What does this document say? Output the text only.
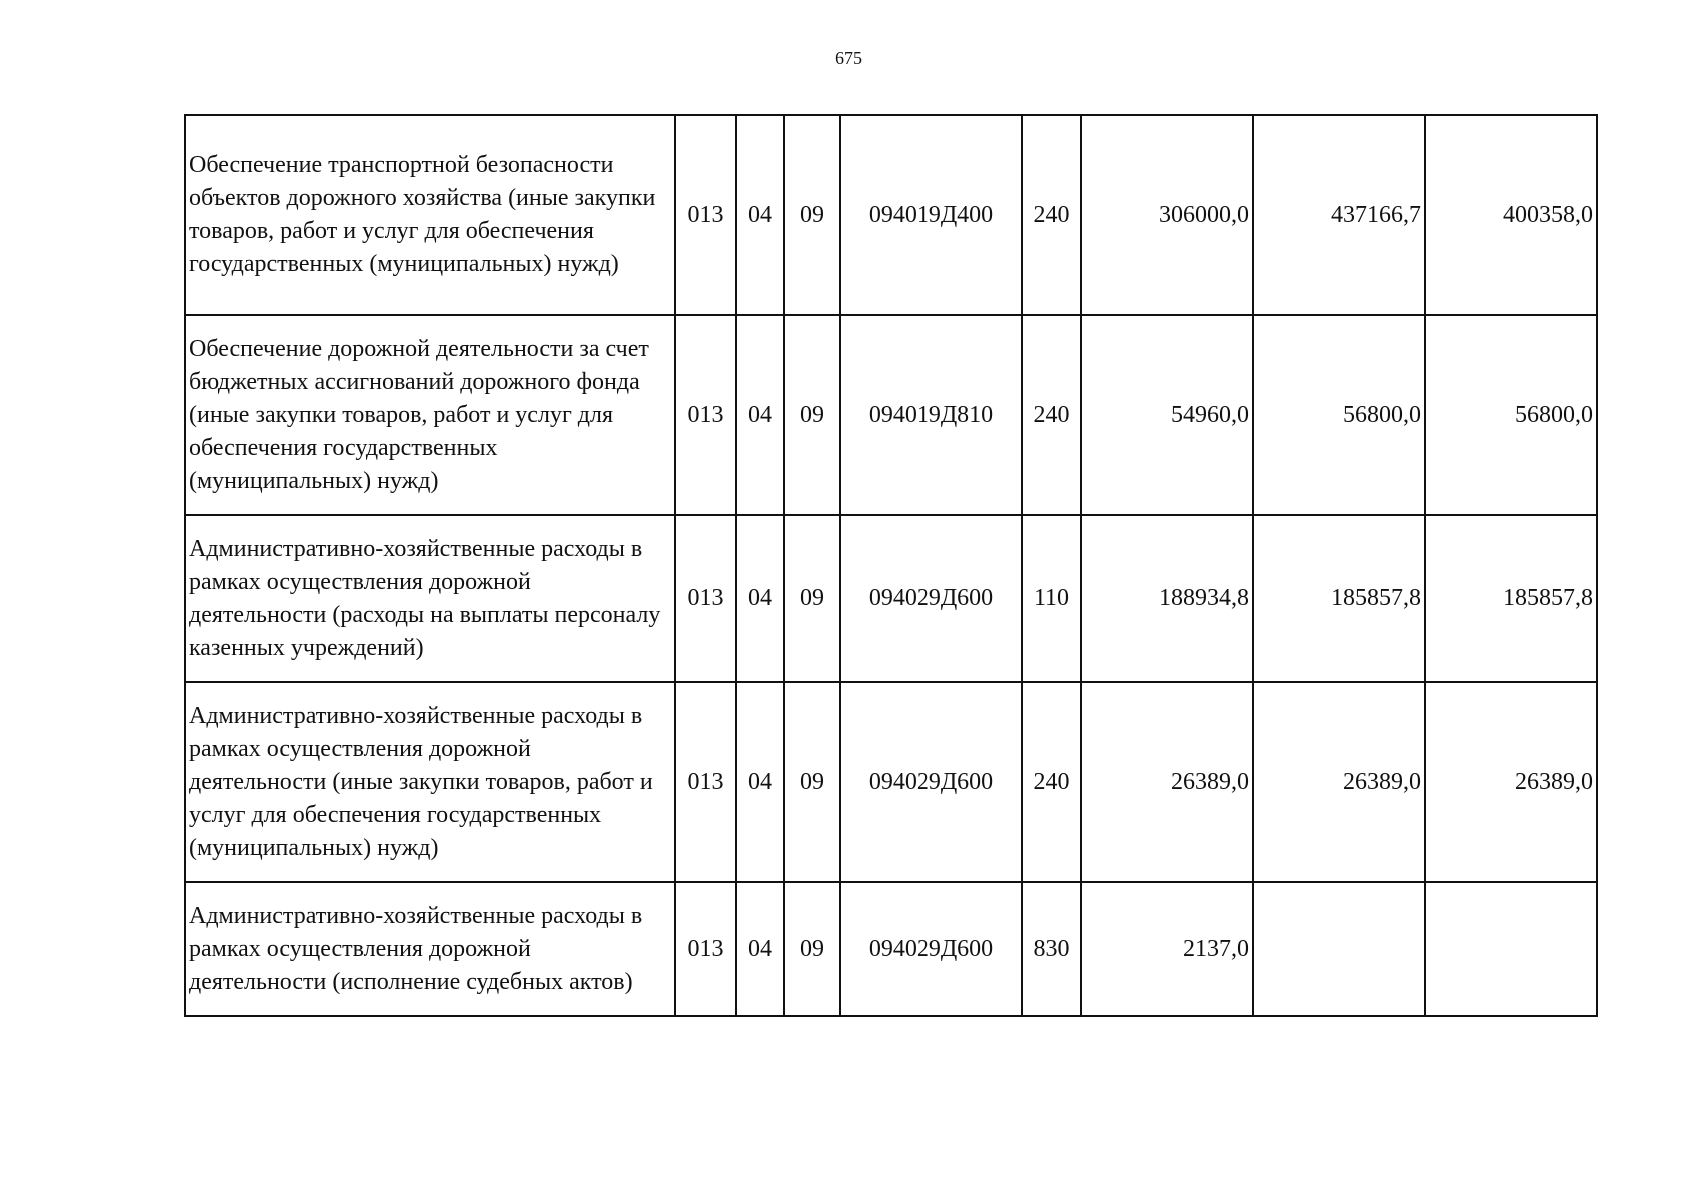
675
Обеспечение транспортной безопасности объектов дорожного хозяйства (иные закупки товаров, работ и услуг для обеспечения государственных (муниципальных) нужд)	013	04	09	094019Д400	240	306000,0	437166,7	400358,0
Обеспечение дорожной деятельности за счет бюджетных ассигнований дорожного фонда (иные закупки товаров, работ и услуг для обеспечения государственных (муниципальных) нужд)	013	04	09	094019Д810	240	54960,0	56800,0	56800,0
Административно-хозяйственные расходы в рамках осуществления дорожной деятельности (расходы на выплаты персоналу казенных учреждений)	013	04	09	094029Д600	110	188934,8	185857,8	185857,8
Административно-хозяйственные расходы в рамках осуществления дорожной деятельности (иные закупки товаров, работ и услуг для обеспечения государственных (муниципальных) нужд)	013	04	09	094029Д600	240	26389,0	26389,0	26389,0
Административно-хозяйственные расходы в рамках осуществления дорожной деятельности (исполнение судебных актов)	013	04	09	094029Д600	830	2137,0		
